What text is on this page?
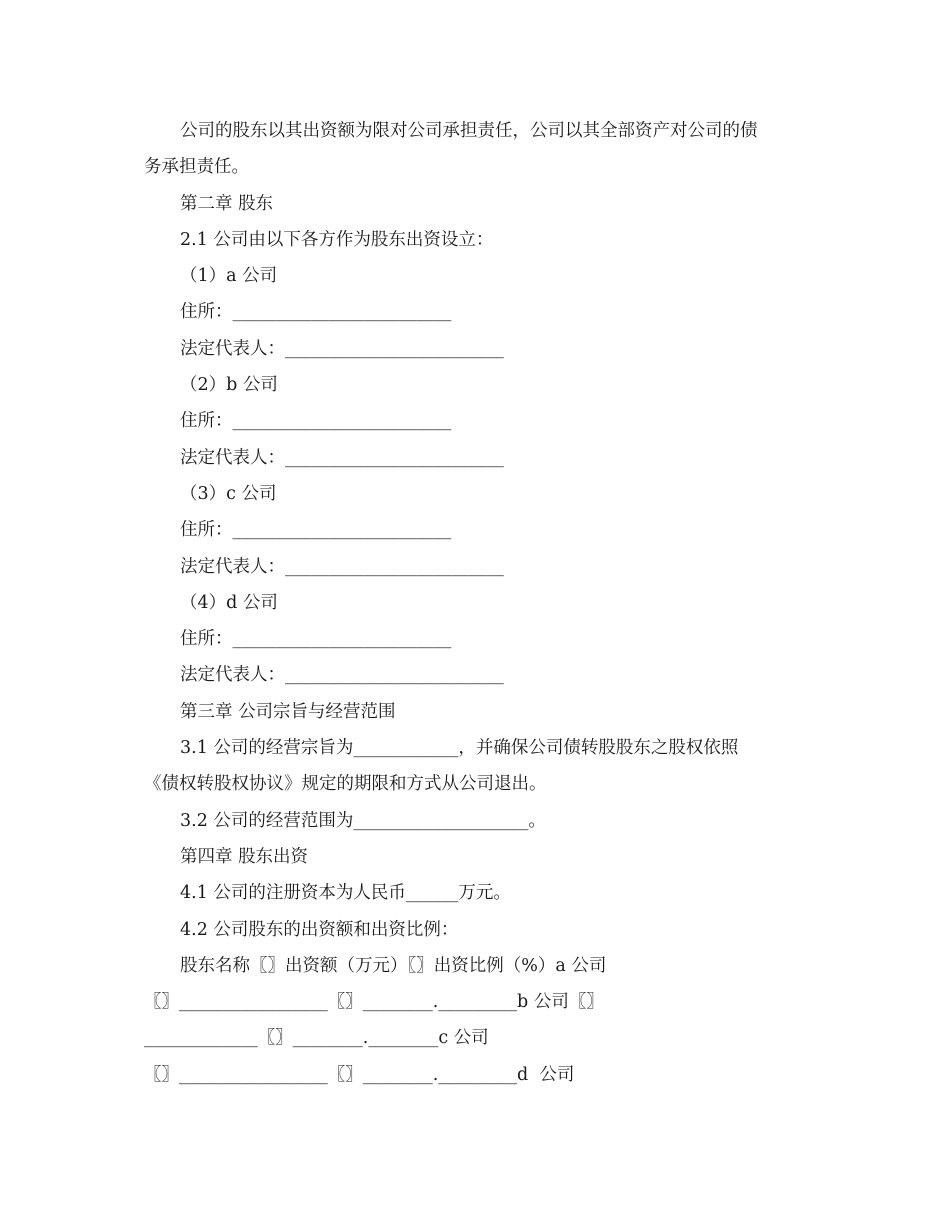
公司的股东以其出资额为限对公司承担责任，公司以其全部资产对公司的债

务承担责任。

第二章 股东

2.1 公司由以下各方作为股东出资设立：

（1）a 公司

住所：_________________________

法定代表人：_________________________

（2）b 公司

住所：_________________________

法定代表人：_________________________

（3）c 公司

住所：_________________________

法定代表人：_________________________

（4）d 公司

住所：_________________________

法定代表人：_________________________

第三章 公司宗旨与经营范围

3.1 公司的经营宗旨为____________，并确保公司债转股股东之股权依照

《债权转股权协议》规定的期限和方式从公司退出。

3.2 公司的经营范围为____________________。

第四章 股东出资

4.1 公司的注册资本为人民币______万元。

4.2 公司股东的出资额和出资比例：

股东名称〖〗出资额（万元）〖〗出资比例（%）a 公司

〖〗_________________〖〗________._________b 公司〖〗

_____________〖〗________.________c 公司

〖〗_________________〖〗________._________d  公司
